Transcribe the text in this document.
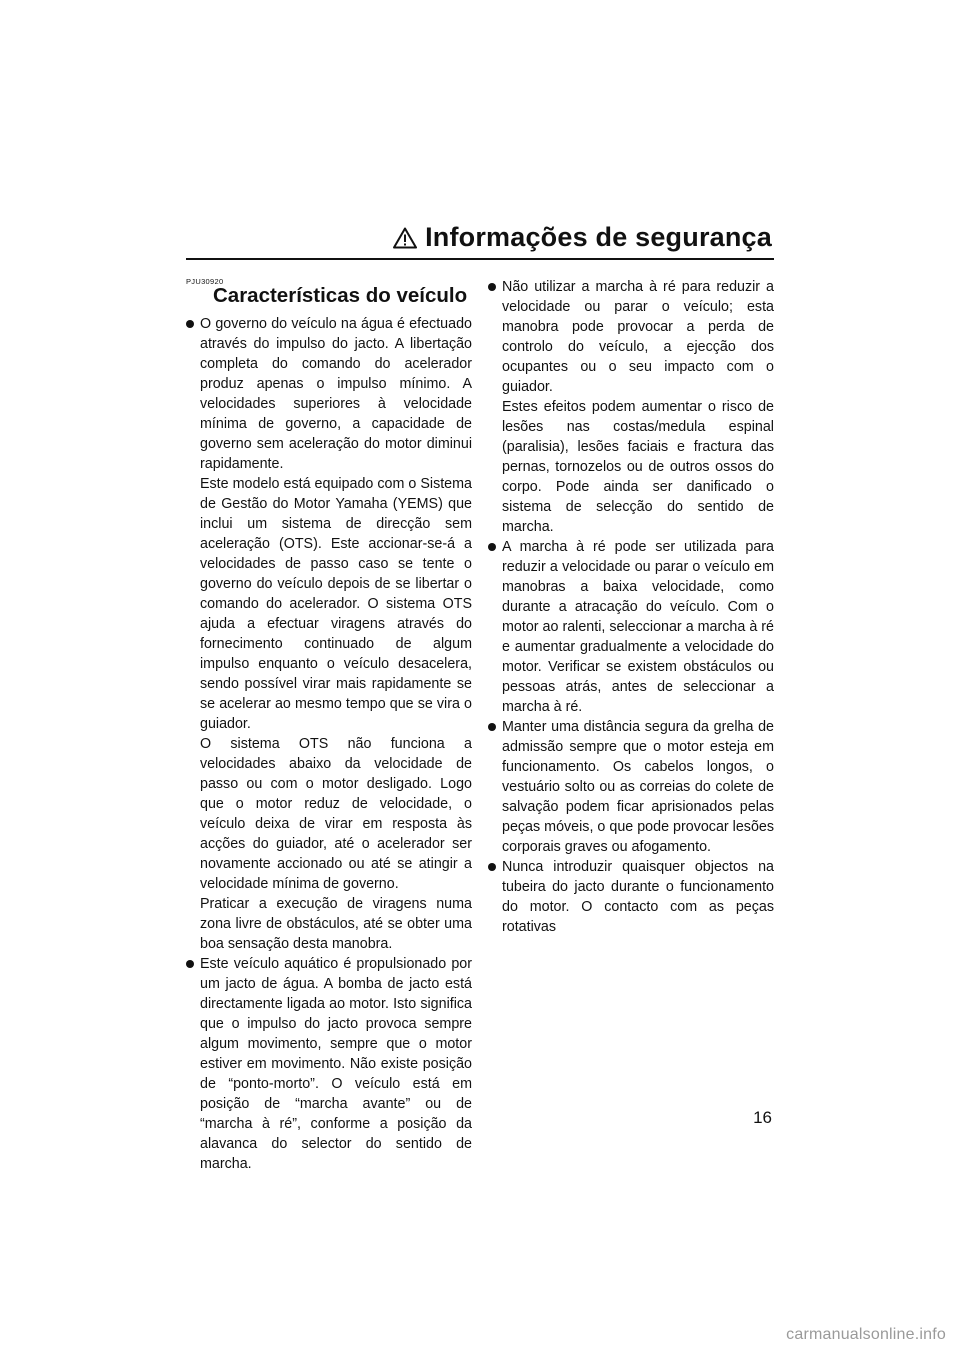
Informações de segurança

PJU30920

Características do veículo

O governo do veículo na água é efectuado através do impulso do jacto. A libertação completa do comando do acelerador produz apenas o impulso mínimo. A velocidades superiores à velocidade mínima de governo, a capacidade de governo sem aceleração do motor diminui rapidamente.

Este modelo está equipado com o Sistema de Gestão do Motor Yamaha (YEMS) que inclui um sistema de direcção sem aceleração (OTS). Este accionar-se-á a velocidades de passo caso se tente o governo do veículo depois de se libertar o comando do acelerador. O sistema OTS ajuda a efectuar viragens através do fornecimento continuado de algum impulso enquanto o veículo desacelera, sendo possível virar mais rapidamente se se acelerar ao mesmo tempo que se vira o guiador.

O sistema OTS não funciona a velocidades abaixo da velocidade de passo ou com o motor desligado. Logo que o motor reduz de velocidade, o veículo deixa de virar em resposta às acções do guiador, até o acelerador ser novamente accionado ou até se atingir a velocidade mínima de governo.

Praticar a execução de viragens numa zona livre de obstáculos, até se obter uma boa sensação desta manobra.

Este veículo aquático é propulsionado por um jacto de água. A bomba de jacto está directamente ligada ao motor. Isto significa que o impulso do jacto provoca sempre algum movimento, sempre que o motor estiver em movimento. Não existe posição de “ponto-morto”. O veículo está em posição de “marcha avante” ou de “marcha à ré”, conforme a posição da alavanca do selector do sentido de marcha.

Não utilizar a marcha à ré para reduzir a velocidade ou parar o veículo; esta manobra pode provocar a perda de controlo do veículo, a ejecção dos ocupantes ou o seu impacto com o guiador.

Estes efeitos podem aumentar o risco de lesões nas costas/medula espinal (paralisia), lesões faciais e fractura das pernas, tornozelos ou de outros ossos do corpo. Pode ainda ser danificado o sistema de selecção do sentido de marcha.

A marcha à ré pode ser utilizada para reduzir a velocidade ou parar o veículo em manobras a baixa velocidade, como durante a atracação do veículo. Com o motor ao ralenti, seleccionar a marcha à ré e aumentar gradualmente a velocidade do motor. Verificar se existem obstáculos ou pessoas atrás, antes de seleccionar a marcha à ré.

Manter uma distância segura da grelha de admissão sempre que o motor esteja em funcionamento. Os cabelos longos, o vestuário solto ou as correias do colete de salvação podem ficar aprisionados pelas peças móveis, o que pode provocar lesões corporais graves ou afogamento.

Nunca introduzir quaisquer objectos na tubeira do jacto durante o funcionamento do motor. O contacto com as peças rotativas

16
carmanualsonline.info
